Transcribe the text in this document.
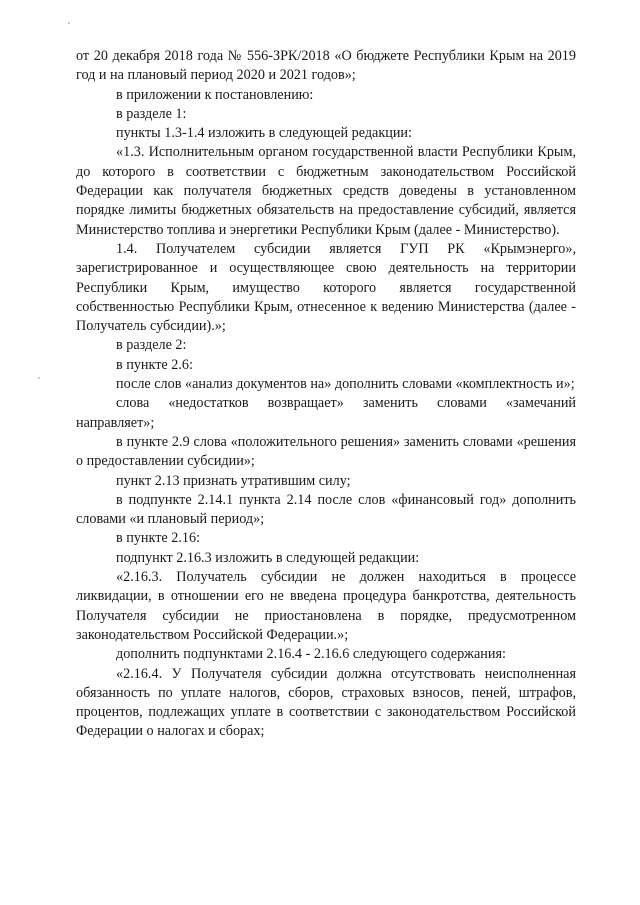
от 20 декабря 2018 года № 556-ЗРК/2018 «О бюджете Республики Крым на 2019 год и на плановый период 2020 и 2021 годов»;

в приложении к постановлению:

в разделе 1:

пункты 1.3-1.4 изложить в следующей редакции:

«1.3. Исполнительным органом государственной власти Республики Крым, до которого в соответствии с бюджетным законодательством Российской Федерации как получателя бюджетных средств доведены в установленном порядке лимиты бюджетных обязательств на предоставление субсидий, является Министерство топлива и энергетики Республики Крым (далее - Министерство).

1.4. Получателем субсидии является ГУП РК «Крымэнерго», зарегистрированное и осуществляющее свою деятельность на территории Республики Крым, имущество которого является государственной собственностью Республики Крым, отнесенное к ведению Министерства (далее - Получатель субсидии).»;

в разделе 2:

в пункте 2.6:

после слов «анализ документов на» дополнить словами «комплектность и»;

слова «недостатков возвращает» заменить словами «замечаний направляет»;

в пункте 2.9 слова «положительного решения» заменить словами «решения о предоставлении субсидии»;

пункт 2.13 признать утратившим силу;

в подпункте 2.14.1 пункта 2.14 после слов «финансовый год» дополнить словами «и плановый период»;

в пункте 2.16:

подпункт 2.16.3 изложить в следующей редакции:

«2.16.3. Получатель субсидии не должен находиться в процессе ликвидации, в отношении его не введена процедура банкротства, деятельность Получателя субсидии не приостановлена в порядке, предусмотренном законодательством Российской Федерации.»;

дополнить подпунктами 2.16.4 - 2.16.6 следующего содержания:

«2.16.4. У Получателя субсидии должна отсутствовать неисполненная обязанность по уплате налогов, сборов, страховых взносов, пеней, штрафов, процентов, подлежащих уплате в соответствии с законодательством Российской Федерации о налогах и сборах;
